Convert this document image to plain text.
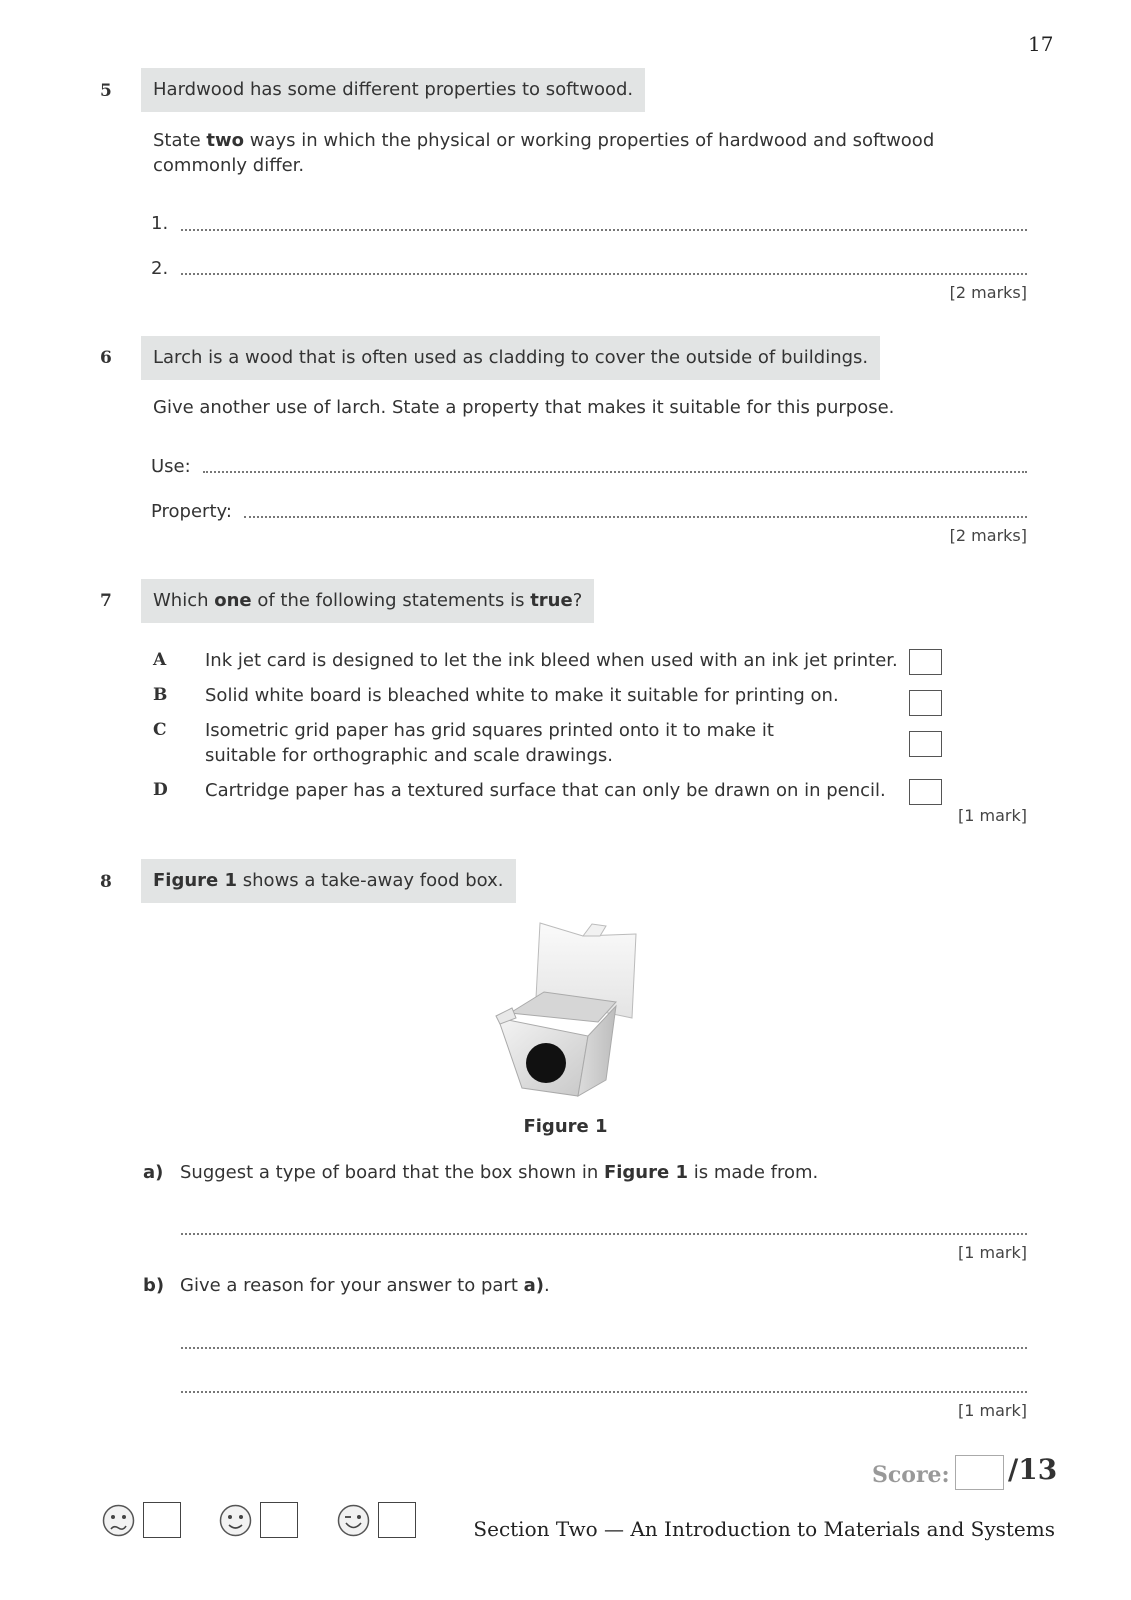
17
5	Hardwood has some different properties to softwood.
State two ways in which the physical or working properties of hardwood and softwood
commonly differ.
1.
2.
[2 marks]
6	Larch is a wood that is often used as cladding to cover the outside of buildings.
Give another use of larch. State a property that makes it suitable for this purpose.
Use:
Property:
[2 marks]
7	Which one of the following statements is true?
A Ink jet card is designed to let the ink bleed when used with an ink jet printer.
B Solid white board is bleached white to make it suitable for printing on.
C Isometric grid paper has grid squares printed onto it to make it
suitable for orthographic and scale drawings.
D Cartridge paper has a textured surface that can only be drawn on in pencil.
[1 mark]
8	Figure 1 shows a take-away food box.
Figure 1
a) Suggest a type of board that the box shown in Figure 1 is made from.
[1 mark]
b) Give a reason for your answer to part a).
[1 mark]
Score: /13
Section Two — An Introduction to Materials and Systems
